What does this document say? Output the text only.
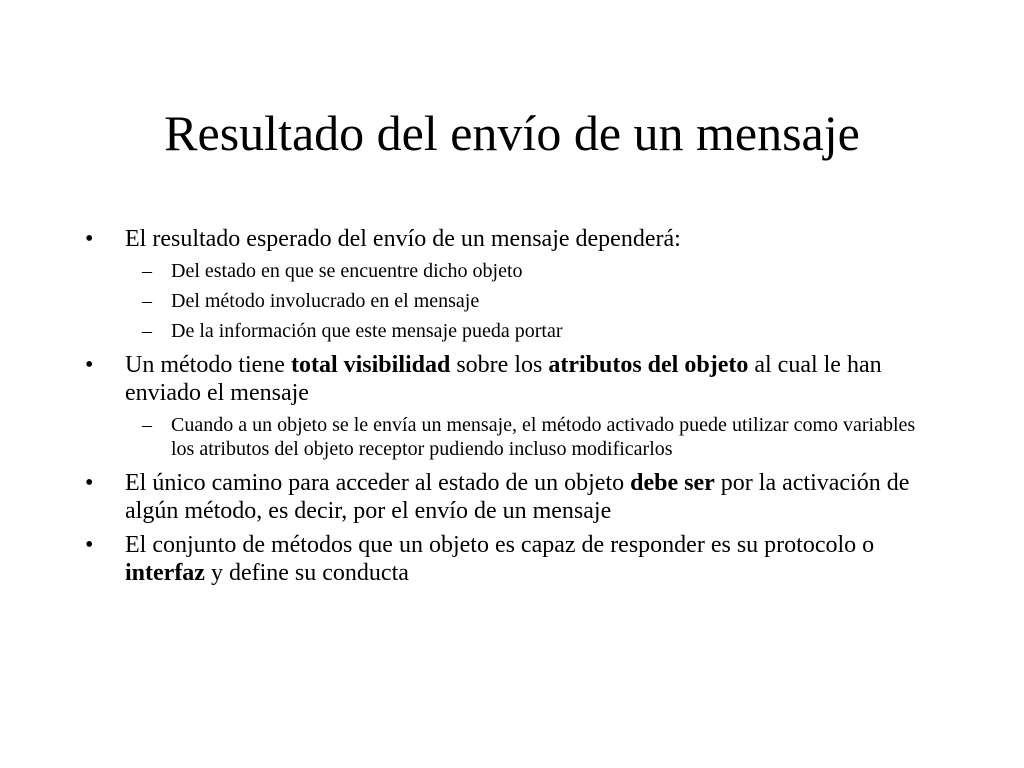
Resultado del envío de un mensaje
•	El resultado esperado del envío de un mensaje dependerá:
– Del estado en que se encuentre dicho objeto
– Del método involucrado en el mensaje
– De la información que este mensaje pueda portar
•	Un método tiene total visibilidad sobre los atributos del objeto al cual le han enviado el mensaje
– Cuando a un objeto se le envía un mensaje, el método activado puede utilizar como variables los atributos del objeto receptor pudiendo incluso modificarlos
•	El único camino para acceder al estado de un objeto debe ser por la activación de algún método, es decir, por el envío de un mensaje
•	El conjunto de métodos que un objeto es capaz de responder es su protocolo o interfaz y define su conducta
